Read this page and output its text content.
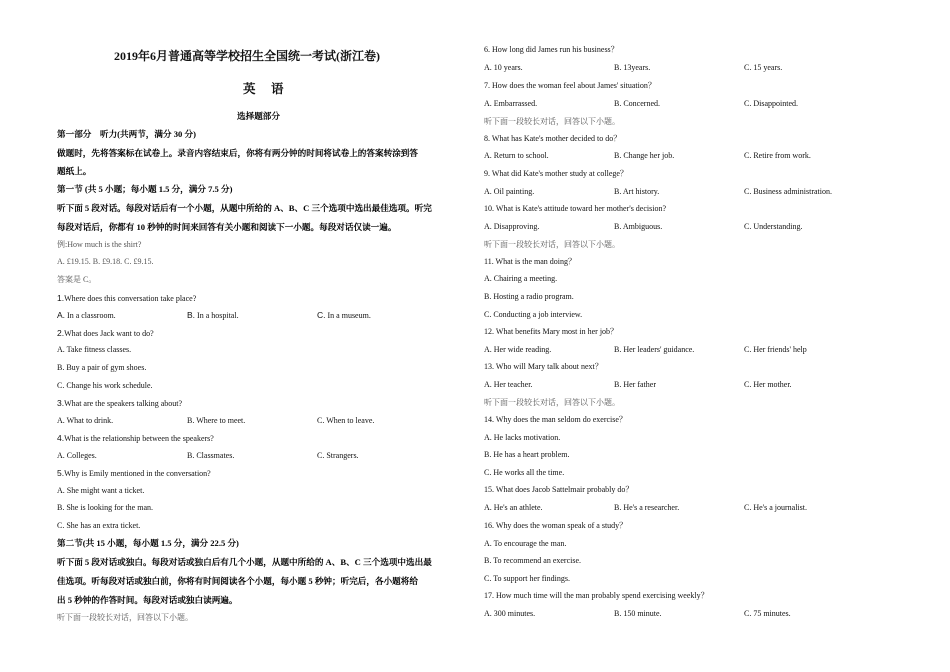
2019年6月普通高等学校招生全国统一考试(浙江卷)
英 语
选择题部分
第一部分　听力(共两节，满分 30 分)
做题时，先将答案标在试卷上。录音内容结束后，你将有两分钟的时间将试卷上的答案转涂到答
题纸上。
第一节 (共 5 小题；每小题 1.5 分，满分 7.5 分)
听下面 5 段对话。每段对话后有一个小题，从题中所给的 A、B、C 三个选项中选出最佳选项。听完
每段对话后，你都有 10 秒钟的时间来回答有关小题和阅读下一小题。每段对话仅读一遍。
例:How much is the shirt?
A. £19.15. B. £9.18. C. £9.15.
答案是 C。
1.Where does this conversation take place?
A. In a classroom.	B. In a hospital.	C. In a museum.
2.What does Jack want to do?
A. Take fitness classes.
B. Buy a pair of gym shoes.
C. Change his work schedule.
3.What are the speakers talking about?
A. What to drink.	B. Where to meet.	C. When to leave.
4.What is the relationship between the speakers?
A. Colleges.	B. Classmates.	C. Strangers.
5.Why is Emily mentioned in the conversation?
A. She might want a ticket.
B. She is looking for the man.
C. She has an extra ticket.
第二节(共 15 小题，每小题 1.5 分，满分 22.5 分)
听下面 5 段对话或独白。每段对话或独白后有几个小题，从题中所给的 A、B、C 三个选项中选出最
佳选项。听每段对话或独白前，你将有时间阅读各个小题，每小题 5 秒钟；听完后，各小题将给
出 5 秒钟的作答时间。每段对话或独白读两遍。
听下面一段较长对话，回答以下小题。
6. How long did James run his business？
A. 10 years.	B. 13years.	C. 15 years.
7. How does the woman feel about James' situation？
A. Embarrassed.	B. Concerned.	C. Disappointed.
听下面一段较长对话，回答以下小题。
8. What has Kate's mother decided to do？
A. Return to school.	B. Change her job.	C. Retire from work.
9. What did Kate's mother study at college？
A. Oil painting.	B. Art history.	C. Business administration.
10. What is Kate's attitude toward her mother's decision?
A. Disapproving.	B. Ambiguous.	C. Understanding.
听下面一段较长对话，回答以下小题。
11. What is the man doing？
A. Chairing a meeting.
B. Hosting a radio program.
C. Conducting a job interview.
12. What benefits Mary most in her job？
A. Her wide reading.	B. Her leaders' guidance.	C. Her friends' help
13. Who will Mary talk about next？
A. Her teacher.	B. Her father	C. Her mother.
听下面一段较长对话，回答以下小题。
14. Why does the man seldom do exercise？
A. He lacks motivation.
B. He has a heart problem.
C. He works all the time.
15. What does Jacob Sattelmair probably do？
A. He's an athlete.	B. He's a researcher.	C. He's a journalist.
16. Why does the woman speak of a study？
A. To encourage the man.
B. To recommend an exercise.
C. To support her findings.
17. How much time will the man probably spend exercising weekly？
A. 300 minutes.	B. 150 minute.	C. 75 minutes.
